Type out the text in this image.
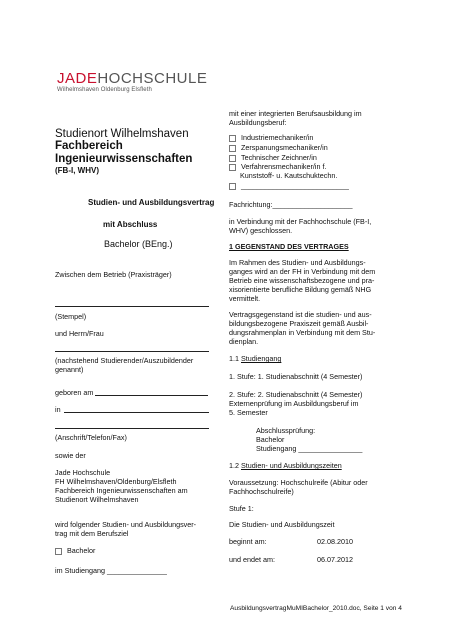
JADEHOCHSCHULE
Wilhelmshaven Oldenburg Elsfleth
Studienort Wilhelmshaven
Fachbereich
Ingenieurwissenschaften
(FB-I, WHV)
Studien- und Ausbildungsvertrag
mit Abschluss
Bachelor (BEng.)
Zwischen dem Betrieb (Praxisträger)
(Stempel)
und Herrn/Frau
(nachstehend Studierender/Auszubildender
genannt)
geboren am
in
(Anschrift/Telefon/Fax)
sowie der
Jade Hochschule
FH Wilhelmshaven/Oldenburg/Elsfleth
Fachbereich Ingenieurwissenschaften am
Studienort Wilhelmshaven
wird folgender Studien- und Ausbildungsver-
trag mit dem Berufsziel
Bachelor
im Studiengang _______________
mit einer integrierten Berufsausbildung im
Ausbildungsberuf:
Industriemechaniker/in
Zerspanungsmechaniker/in
Technischer Zeichner/in
Verfahrensmechaniker/in f.
Kunststoff- u. Kautschuktechn.
___________________________
Fachrichtung:____________________
in Verbindung mit der Fachhochschule (FB-I,
WHV) geschlossen.
1 GEGENSTAND DES VERTRAGES
Im Rahmen des Studien- und Ausbildungs-
ganges wird an der FH in Verbindung mit dem
Betrieb eine wissenschaftsbezogene und pra-
xisorientierte berufliche Bildung gemäß NHG
vermittelt.
Vertragsgegenstand ist die studien- und aus-
bildungsbezogene Praxiszeit gemäß Ausbil-
dungsrahmenplan in Verbindung mit dem Stu-
dienplan.
1.1 Studiengang
1. Stufe: 1. Studienabschnitt (4 Semester)
2. Stufe: 2. Studienabschnitt (4 Semester)
Externenprüfung im Ausbildungsberuf im
5. Semester
Abschlussprüfung:
Bachelor
Studiengang ________________
1.2 Studien- und Ausbildungszeiten
Voraussetzung: Hochschulreife (Abitur oder
Fachhochschulreife)
Stufe 1:
Die Studien- und Ausbildungszeit
beginnt am:	02.08.2010
und endet am:	06.07.2012
AusbildungsvertragMuMIBachelor_2010.doc, Seite 1 von 4
